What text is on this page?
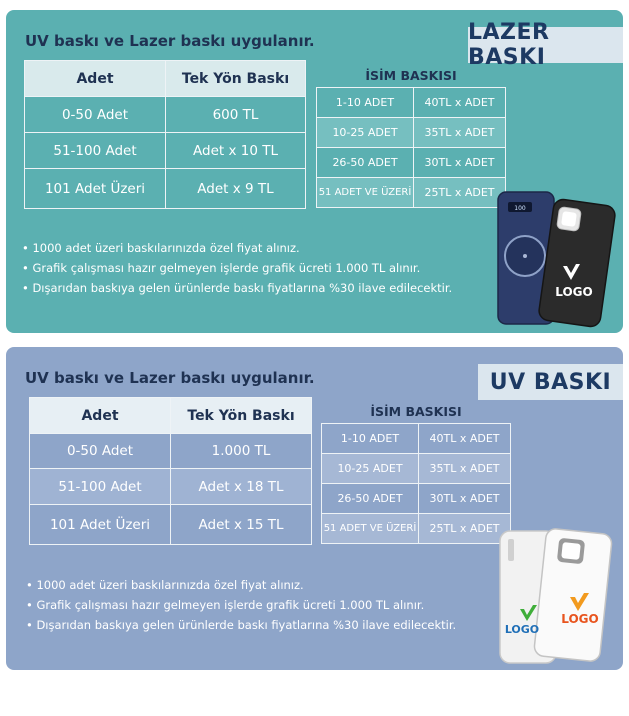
UV baskı ve Lazer baskı uygulanır.	LAZER BASKI
Adet	Tek Yön Baskı
0-50 Adet	600 TL
51-100 Adet	Adet x 10 TL
101 Adet Üzeri	Adet x 9 TL
İSİM BASKISI
1-10 ADET	40TL x ADET
10-25 ADET	35TL x ADET
26-50 ADET	30TL x ADET
51 ADET VE ÜZERİ	25TL x ADET
• 1000 adet üzeri baskılarınızda özel fiyat alınız.
• Grafik çalışması hazır gelmeyen işlerde grafik ücreti 1.000 TL alınır.
• Dışarıdan baskıya gelen ürünlerde baskı fiyatlarına %30 ilave edilecektir.
100
LOGO
UV baskı ve Lazer baskı uygulanır.	UV BASKI
Adet	Tek Yön Baskı
0-50 Adet	1.000 TL
51-100 Adet	Adet x 18 TL
101 Adet Üzeri	Adet x 15 TL
İSİM BASKISI
1-10 ADET	40TL x ADET
10-25 ADET	35TL x ADET
26-50 ADET	30TL x ADET
51 ADET VE ÜZERİ	25TL x ADET
• 1000 adet üzeri baskılarınızda özel fiyat alınız.
• Grafik çalışması hazır gelmeyen işlerde grafik ücreti 1.000 TL alınır.
• Dışarıdan baskıya gelen ürünlerde baskı fiyatlarına %30 ilave edilecektir.	LOGO
LOGO
